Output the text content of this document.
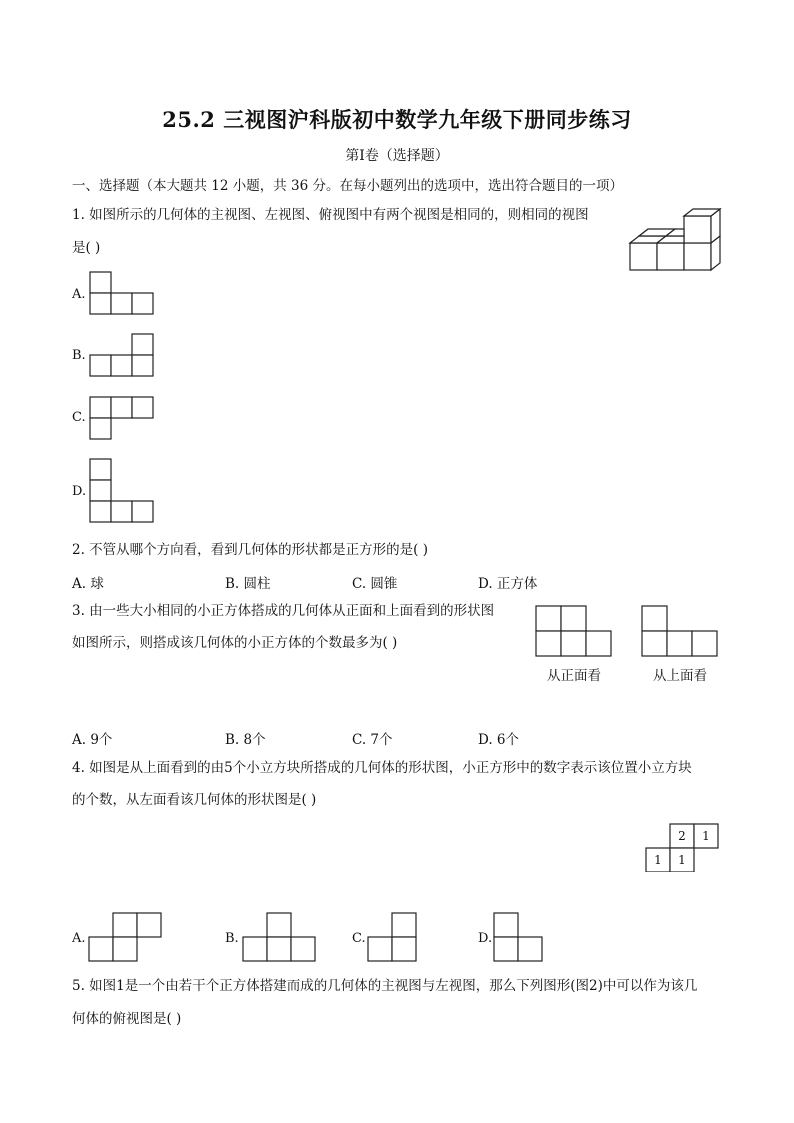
25.2 三视图沪科版初中数学九年级下册同步练习
第I卷（选择题）
一、选择题（本大题共 12 小题，共 36 分。在每小题列出的选项中，选出符合题目的一项）
1. 如图所示的几何体的主视图、左视图、俯视图中有两个视图是相同的，则相同的视图
是( )
A.
B.
C.
D.
2. 不管从哪个方向看，看到几何体的形状都是正方形的是( )
A. 球	B. 圆柱	C. 圆锥	D. 正方体
3. 由一些大小相同的小正方体搭成的几何体从正面和上面看到的形状图
如图所示，则搭成该几何体的小正方体的个数最多为( )
从正面看	从上面看
A. 9个	B. 8个	C. 7个	D. 6个
4. 如图是从上面看到的由5个小立方块所搭成的几何体的形状图，小正方形中的数字表示该位置小立方块
的个数，从左面看该几何体的形状图是( )
2 1
1 1
A.	B.	C.	D.
5. 如图1是一个由若干个正方体搭建而成的几何体的主视图与左视图，那么下列图形(图2)中可以作为该几
何体的俯视图是( )
